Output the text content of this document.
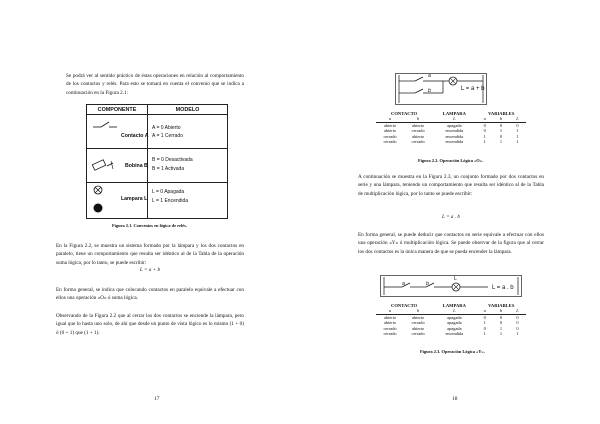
Se podrá ver al sentido práctico de éstas operaciones en relación al comportamiento de los contactos y relés. Para esto se tomará en cuenta el convenio que se indica a continuación en la Figura 2.1:
COMPONENTE	MODELO

Contacto A	A = 0 Abierto
A = 1 Cerrado

Bobina B	B = 0 Desactivada
B = 1 Activada

Lampara L	L = 0 Apagada
L = 1 Encendida
Figura 2.1. Convenios en lógica de relés.
En la Figura 2.2, se muestra un sistema formado por la lámpara y los dos contactos en paralelo, tiene un comportamiento que resulta ser idéntico al de la Tabla de la operación suma lógica, por lo tanto, se puede escribir:
L = a + b
En forma general, se indica que colocando contactos en paralelo equivale a efectuar con ellos una operación «O» ó suma lógica.
Observando de la Figura 2.2 que al cerrar los dos contactos se enciende la lámpara, pero igual que lo hasta uno solo, de ahí que desde un punto de vista lógico es lo mismo (1 + 0) ó (0 + 1) que (1 + 1).
17
a
b	L = a + b
CONTACTO		LAMPARA	VARIABLES		
a	b	L	a	b	L
abierto	abierto	apagada	0	0	0
abierto	cerrado	encendida	0	1	1
cerrado	abierto	encendida	1	0	1
cerrado	cerrado	encendida	1	1	1
Figura 2.2. Operación Lógica «O».
A continuación se muestra en la Figura 2.3, un conjunto formado por dos contactos en serie y una lámpara, teniendo un comportamiento que resulta ser idéntico al de la Tabla de multiplicación lógica, por lo tanto se puede escribir:
L = a . b
En forma general, se puede deducir que contactos en serie equivale a efectuar con ellos una operación «Y» ó multiplicación lógica. Se puede observar de la figura que al cerrar los dos contactos es la única manera de que se pueda encender la lámpara.
a	b
L
L = a . b
CONTACTO		LAMPARA	VARIABLES		
a	b	L	a	b	L
abierto	abierto	apagada	0	0	0
abierto	cerrado	apagada	1	0	0
cerrado	abierto	apagada	0	1	0
cerrado	cerrado	encendida	1	1	1
Figura 2.3. Operación Lógica «Y».
18
